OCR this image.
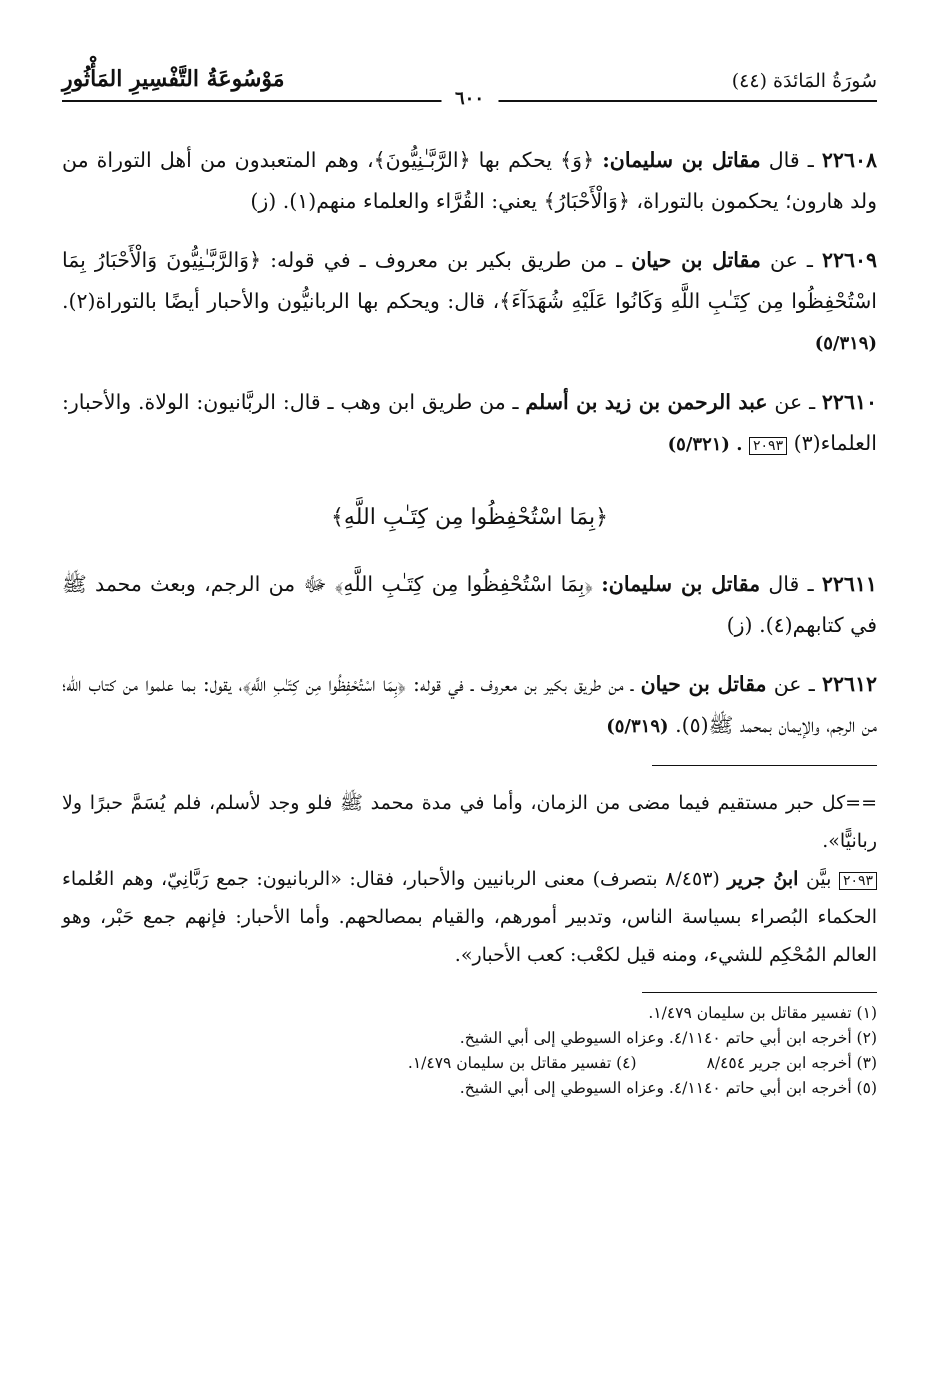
سُورَةُ المَائدَة (٤٤)
مَوْسُوعَةُ التَّفْسِيرِ المَأْثُورِ
٦٠٠

٢٢٦٠٨ ـ قال مقاتل بن سليمان: ﴿وَ﴾ يحكم بها ﴿الرَّبَّـٰنِيُّونَ﴾، وهم المتعبدون من أهل التوراة من ولد هارون؛ يحكمون بالتوراة، ﴿وَالْأَحْبَارُ﴾ يعني: القُرَّاء والعلماء منهم(١). (ز)

٢٢٦٠٩ ـ عن مقاتل بن حيان ـ من طريق بكير بن معروف ـ في قوله: ﴿وَالرَّبَّـٰنِيُّونَ وَالْأَحْبَارُ بِمَا اسْتُحْفِظُوا مِن كِتَـٰبِ اللَّهِ وَكَانُوا عَلَيْهِ شُهَدَآءَ﴾، قال: ويحكم بها الربانيُّون والأحبار أيضًا بالتوراة(٢). (٥/٣١٩)

٢٢٦١٠ ـ عن عبد الرحمن بن زيد بن أسلم ـ من طريق ابن وهب ـ قال: الربَّانيون: الولاة. والأحبار: العلماء(٣) ٢٠٩٣ . (٥/٣٢١)

﴿بِمَا اسْتُحْفِظُوا مِن كِتَـٰبِ اللَّهِ﴾

٢٢٦١١ ـ قال مقاتل بن سليمان: ﴿بِمَا اسْتُحْفِظُوا مِن كِتَـٰبِ اللَّهِ﴾ ﷻ من الرجم، وبعث محمد ﷺ في كتابهم(٤). (ز)

٢٢٦١٢ ـ عن مقاتل بن حيان ـ من طريق بكير بن معروف ـ في قوله: ﴿بِمَا اسْتُحْفِظُوا مِن كِتَـٰبِ اللَّهِ﴾، يقول: بما علموا من كتاب الله؛ من الرجم، والإيمان بمحمد ﷺ(٥). (٥/٣١٩)

==كل حبر مستقيم فيما مضى من الزمان، وأما في مدة محمد ﷺ فلو وجد لأسلم، فلم يُسَمَّ حبرًا ولا ربانيًّا».

٢٠٩٣ بيَّن ابنُ جرير (٨/٤٥٣ بتصرف) معنى الربانيين والأحبار، فقال: «الربانيون: جمع رَبَّانِيّ، وهم العُلماء الحكماء البُصراء بسياسة الناس، وتدبير أمورهم، والقيام بمصالحهم. وأما الأحبار: فإنهم جمع حَبْر، وهو العالم المُحْكِم للشيء، ومنه قيل لكعْب: كعب الأحبار».

(١) تفسير مقاتل بن سليمان ١/٤٧٩.
(٢) أخرجه ابن أبي حاتم ٤/١١٤٠. وعزاه السيوطي إلى أبي الشيخ.
(٣) أخرجه ابن جرير ٨/٤٥٤(٤) تفسير مقاتل بن سليمان ١/٤٧٩.
(٥) أخرجه ابن أبي حاتم ٤/١١٤٠. وعزاه السيوطي إلى أبي الشيخ.
